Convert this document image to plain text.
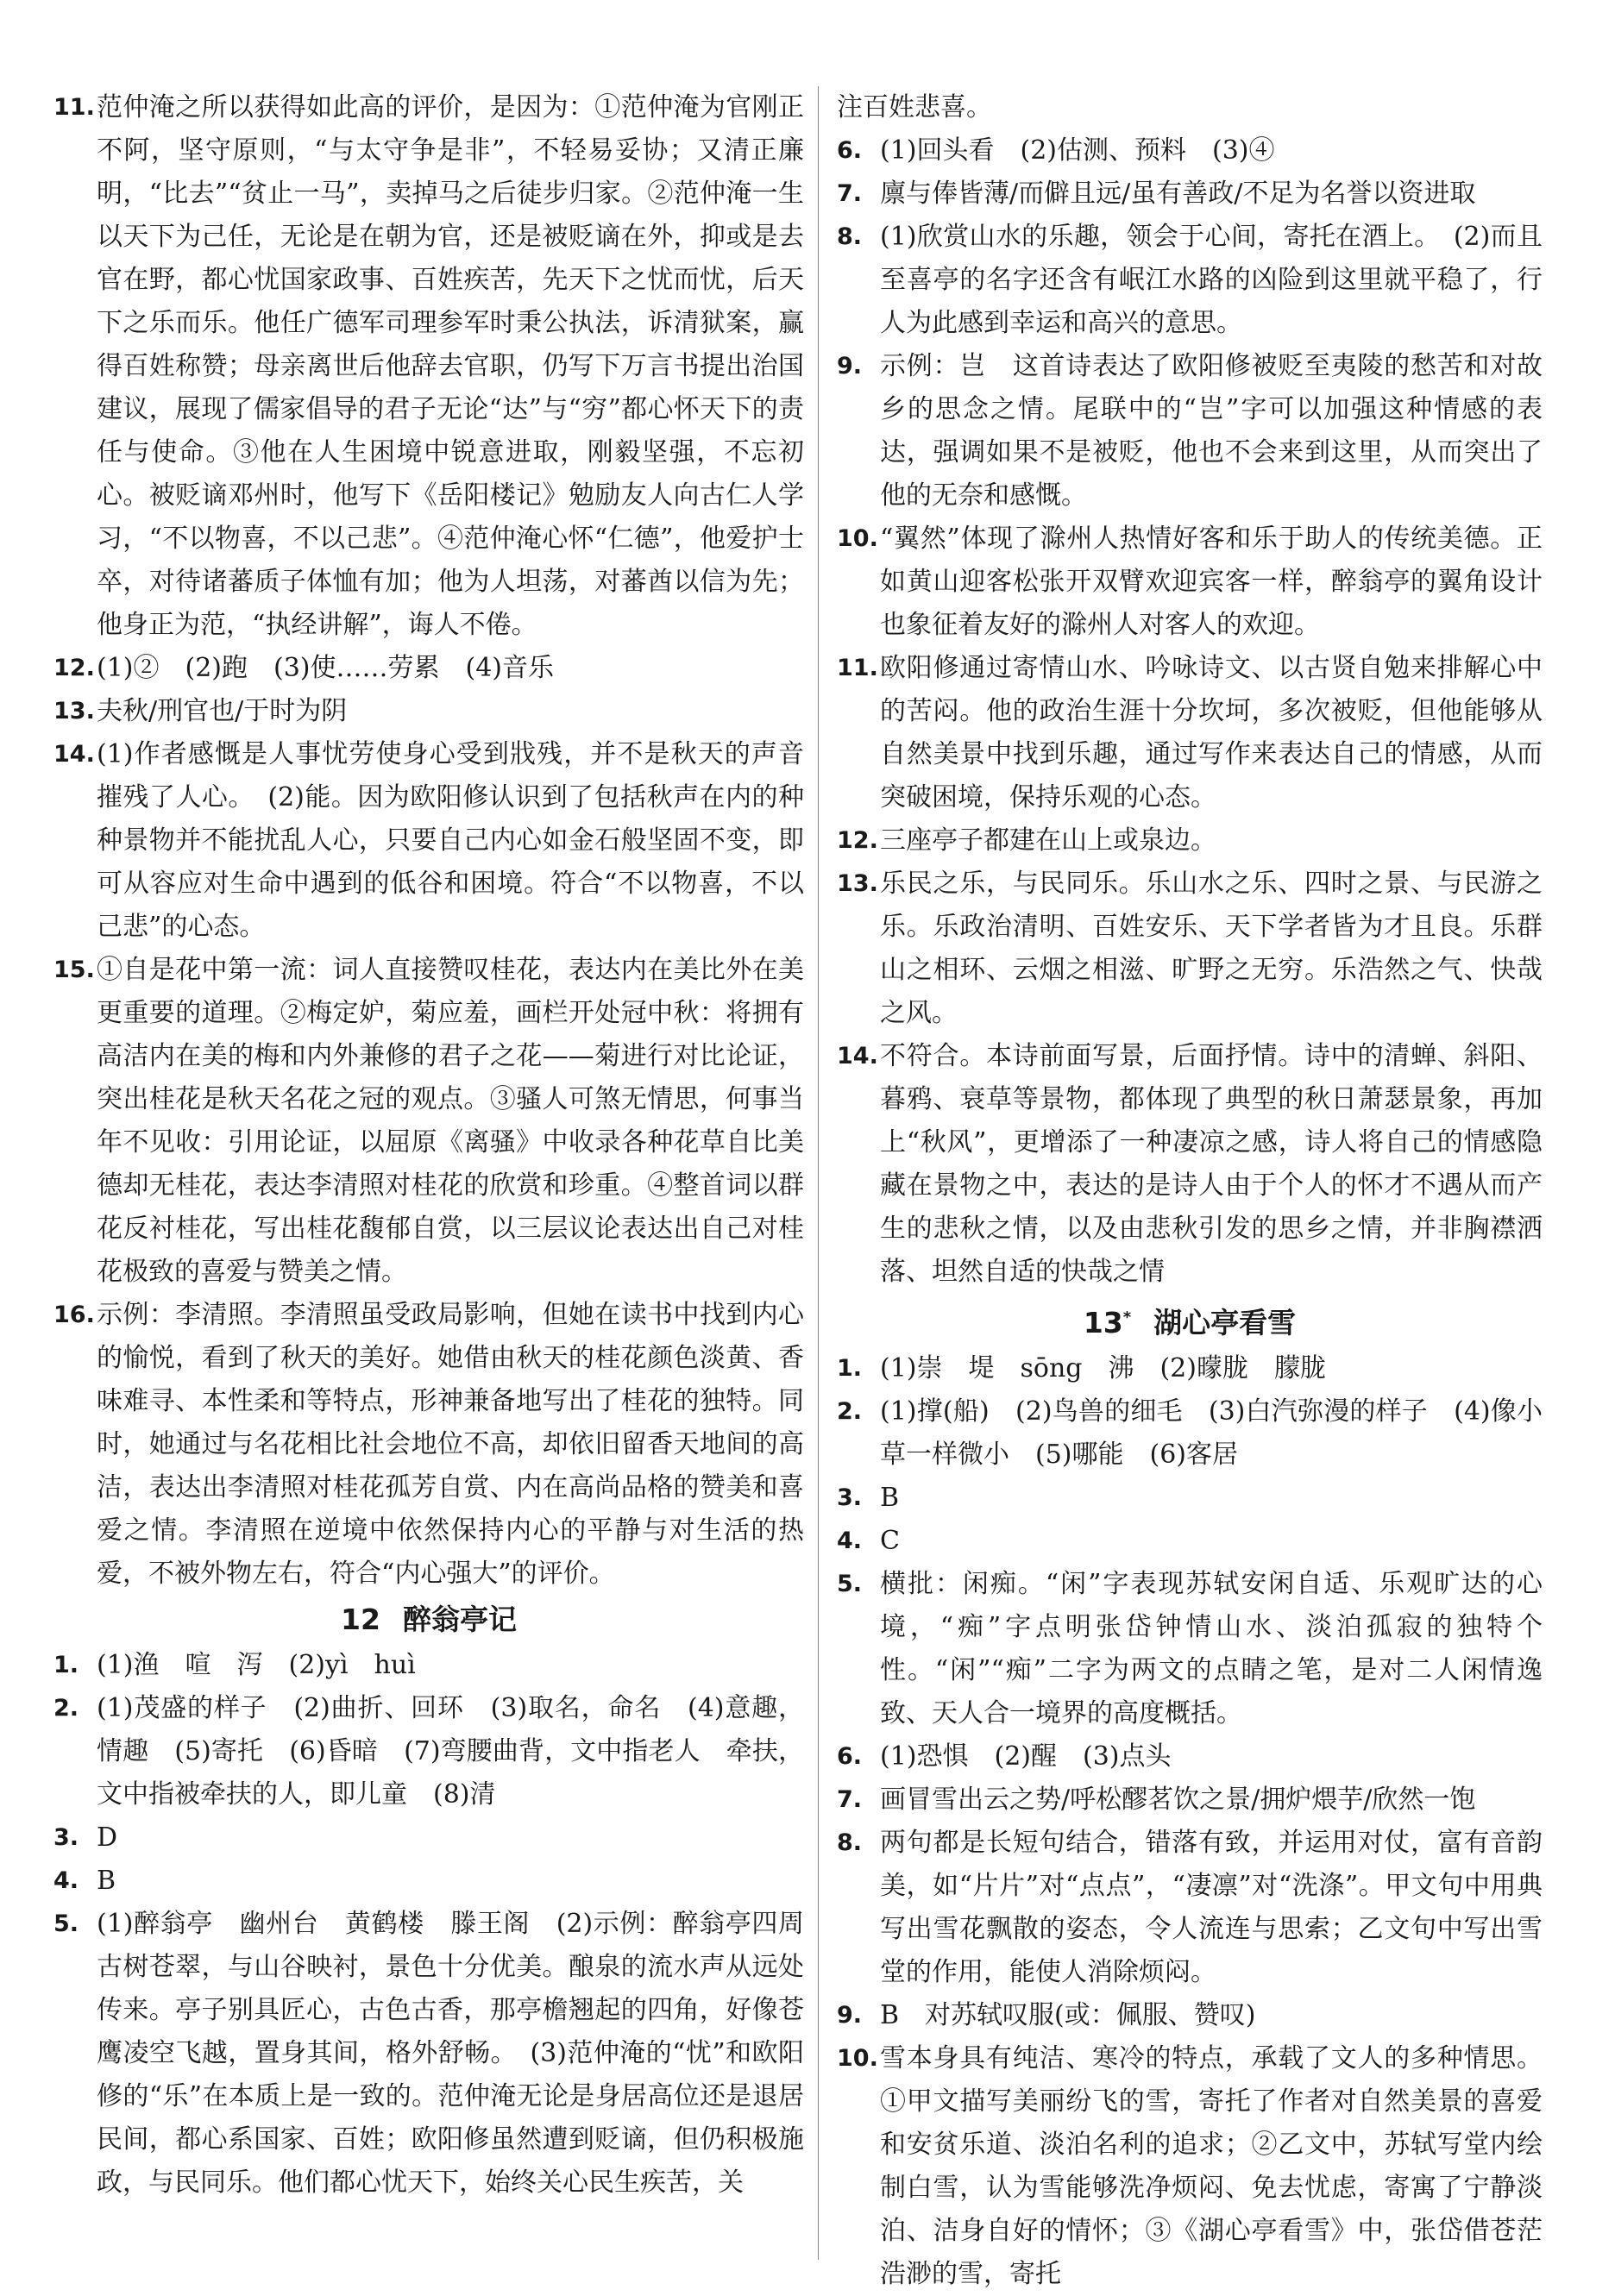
11. 范仲淹之所以获得如此高的评价，是因为：①范仲淹为官刚正不阿，坚守原则，“与太守争是非”，不轻易妥协；又清正廉明，“比去”“贫止一马”，卖掉马之后徒步归家。②范仲淹一生以天下为己任，无论是在朝为官，还是被贬谪在外，抑或是去官在野，都心忧国家政事、百姓疾苦，先天下之忧而忧，后天下之乐而乐。他任广德军司理参军时秉公执法，诉清狱案，赢得百姓称赞；母亲离世后他辞去官职，仍写下万言书提出治国建议，展现了儒家倡导的君子无论“达”与“穷”都心怀天下的责任与使命。③他在人生困境中锐意进取，刚毅坚强，不忘初心。被贬谪邓州时，他写下《岳阳楼记》勉励友人向古仁人学习，“不以物喜，不以己悲”。④范仲淹心怀“仁德”，他爱护士卒，对待诸蕃质子体恤有加；他为人坦荡，对蕃酋以信为先；他身正为范，“执经讲解”，诲人不倦。

12. (1)②　(2)跑　(3)使……劳累　(4)音乐

13. 夫秋/刑官也/于时为阴

14. (1)作者感慨是人事忧劳使身心受到戕残，并不是秋天的声音摧残了人心。　(2)能。因为欧阳修认识到了包括秋声在内的种种景物并不能扰乱人心，只要自己内心如金石般坚固不变，即可从容应对生命中遇到的低谷和困境。符合“不以物喜，不以己悲”的心态。

15. ①自是花中第一流：词人直接赞叹桂花，表达内在美比外在美更重要的道理。②梅定妒，菊应羞，画栏开处冠中秋：将拥有高洁内在美的梅和内外兼修的君子之花——菊进行对比论证，突出桂花是秋天名花之冠的观点。③骚人可煞无情思，何事当年不见收：引用论证，以屈原《离骚》中收录各种花草自比美德却无桂花，表达李清照对桂花的欣赏和珍重。④整首词以群花反衬桂花，写出桂花馥郁自赏，以三层议论表达出自己对桂花极致的喜爱与赞美之情。

16. 示例：李清照。李清照虽受政局影响，但她在读书中找到内心的愉悦，看到了秋天的美好。她借由秋天的桂花颜色淡黄、香味难寻、本性柔和等特点，形神兼备地写出了桂花的独特。同时，她通过与名花相比社会地位不高，却依旧留香天地间的高洁，表达出李清照对桂花孤芳自赏、内在高尚品格的赞美和喜爱之情。李清照在逆境中依然保持内心的平静与对生活的热爱，不被外物左右，符合“内心强大”的评价。

12 醉翁亭记

1. (1)渔　喧　泻　(2)yì　huì

2. (1)茂盛的样子　(2)曲折、回环　(3)取名，命名　(4)意趣，情趣　(5)寄托　(6)昏暗　(7)弯腰曲背，文中指老人　牵扶，文中指被牵扶的人，即儿童　(8)清

3. D

4. B

5. (1)醉翁亭　幽州台　黄鹤楼　滕王阁　(2)示例：醉翁亭四周古树苍翠，与山谷映衬，景色十分优美。酿泉的流水声从远处传来。亭子别具匠心，古色古香，那亭檐翘起的四角，好像苍鹰凌空飞越，置身其间，格外舒畅。　(3)范仲淹的“忧”和欧阳修的“乐”在本质上是一致的。范仲淹无论是身居高位还是退居民间，都心系国家、百姓；欧阳修虽然遭到贬谪，但仍积极施政，与民同乐。他们都心忧天下，始终关心民生疾苦，关

注百姓悲喜。

6. (1)回头看　(2)估测、预料　(3)④

7. 廪与俸皆薄/而僻且远/虽有善政/不足为名誉以资进取

8. (1)欣赏山水的乐趣，领会于心间，寄托在酒上。　(2)而且至喜亭的名字还含有岷江水路的凶险到这里就平稳了，行人为此感到幸运和高兴的意思。

9. 示例：岂　这首诗表达了欧阳修被贬至夷陵的愁苦和对故乡的思念之情。尾联中的“岂”字可以加强这种情感的表达，强调如果不是被贬，他也不会来到这里，从而突出了他的无奈和感慨。

10. “翼然”体现了滁州人热情好客和乐于助人的传统美德。正如黄山迎客松张开双臂欢迎宾客一样，醉翁亭的翼角设计也象征着友好的滁州人对客人的欢迎。

11. 欧阳修通过寄情山水、吟咏诗文、以古贤自勉来排解心中的苦闷。他的政治生涯十分坎坷，多次被贬，但他能够从自然美景中找到乐趣，通过写作来表达自己的情感，从而突破困境，保持乐观的心态。

12. 三座亭子都建在山上或泉边。

13. 乐民之乐，与民同乐。乐山水之乐、四时之景、与民游之乐。乐政治清明、百姓安乐、天下学者皆为才且良。乐群山之相环、云烟之相滋、旷野之无穷。乐浩然之气、快哉之风。

14. 不符合。本诗前面写景，后面抒情。诗中的清蝉、斜阳、暮鸦、衰草等景物，都体现了典型的秋日萧瑟景象，再加上“秋风”，更增添了一种凄凉之感，诗人将自己的情感隐藏在景物之中，表达的是诗人由于个人的怀才不遇从而产生的悲秋之情，以及由悲秋引发的思乡之情，并非胸襟洒落、坦然自适的快哉之情

13* 湖心亭看雪

1. (1)崇　堤　sōng　沸　(2)曚胧　朦胧

2. (1)撑(船)　(2)鸟兽的细毛　(3)白汽弥漫的样子　(4)像小草一样微小　(5)哪能　(6)客居

3. B

4. C

5. 横批：闲痴。“闲”字表现苏轼安闲自适、乐观旷达的心境，“痴”字点明张岱钟情山水、淡泊孤寂的独特个性。“闲”“痴”二字为两文的点睛之笔，是对二人闲情逸致、天人合一境界的高度概括。

6. (1)恐惧　(2)醒　(3)点头

7. 画冒雪出云之势/呼松醪茗饮之景/拥炉煨芋/欣然一饱

8. 两句都是长短句结合，错落有致，并运用对仗，富有音韵美，如“片片”对“点点”，“凄凛”对“洗涤”。甲文句中用典写出雪花飘散的姿态，令人流连与思索；乙文句中写出雪堂的作用，能使人消除烦闷。

9. B　对苏轼叹服(或：佩服、赞叹)

10. 雪本身具有纯洁、寒冷的特点，承载了文人的多种情思。①甲文描写美丽纷飞的雪，寄托了作者对自然美景的喜爱和安贫乐道、淡泊名利的追求；②乙文中，苏轼写堂内绘制白雪，认为雪能够洗净烦闷、免去忧虑，寄寓了宁静淡泊、洁身自好的情怀；③《湖心亭看雪》中，张岱借苍茫浩渺的雪，寄托
